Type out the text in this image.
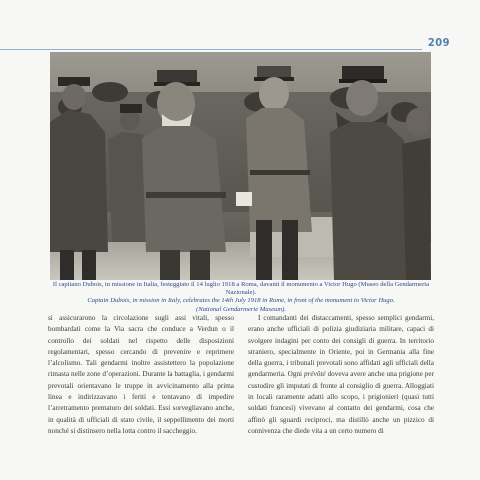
209
Il capitano Dubois, in missione in Italia, festeggiato il 14 luglio 1918 a Roma, davanti il monumento a Victor Hugo (Museo della Gendarmeria Nazionale).
Captain Dubois, in mission in Italy, celebrates the 14th July 1918 in Rome, in front of the monument to Victor Hugo.
(National Gendarmerie Museum).

si assicurarono la circolazione sugli assi vitali, spesso bombardati come la Via sacra che conduce a Verdun o il controllo dei soldati nel rispetto delle disposizioni regolamentari, spesso cercando di prevenire e reprimere l’alcolismo. Tali gendarmi inoltre assistettero la popolazione rimasta nelle zone d’operazioni. Durante la battaglia, i gendarmi prevotali orientavano le truppe in avvicinamento alla prima linea e indirizzavano i feriti e tentavano di impedire l’arretramento prematuro dei soldati. Essi sorvegliavano anche, in qualità di ufficiali di stato civile, il seppellimento dei morti nonché si distinsero nella lotta contro il saccheggio.

I comandanti dei distaccamenti, spesso semplici gendarmi, erano anche ufficiali di polizia giudiziaria militare, capaci di svolgere indagini per conto dei consigli di guerra. In territorio straniero, specialmente in Oriente, poi in Germania alla fine della guerra, i tribunali prevotali sono affidati agli ufficiali della gendarmeria. Ogni prévôté doveva avere anche una prigione per custodire gli imputati di fronte al consiglio di guerra. Alloggiati in locali raramente adatti allo scopo, i prigionieri (quasi tutti soldati francesi) vivevano al contatto dei gendarmi, cosa che affinò gli sguardi reciproci, ma distillò anche un pizzico di connivenza che diede vita a un certo numero di
